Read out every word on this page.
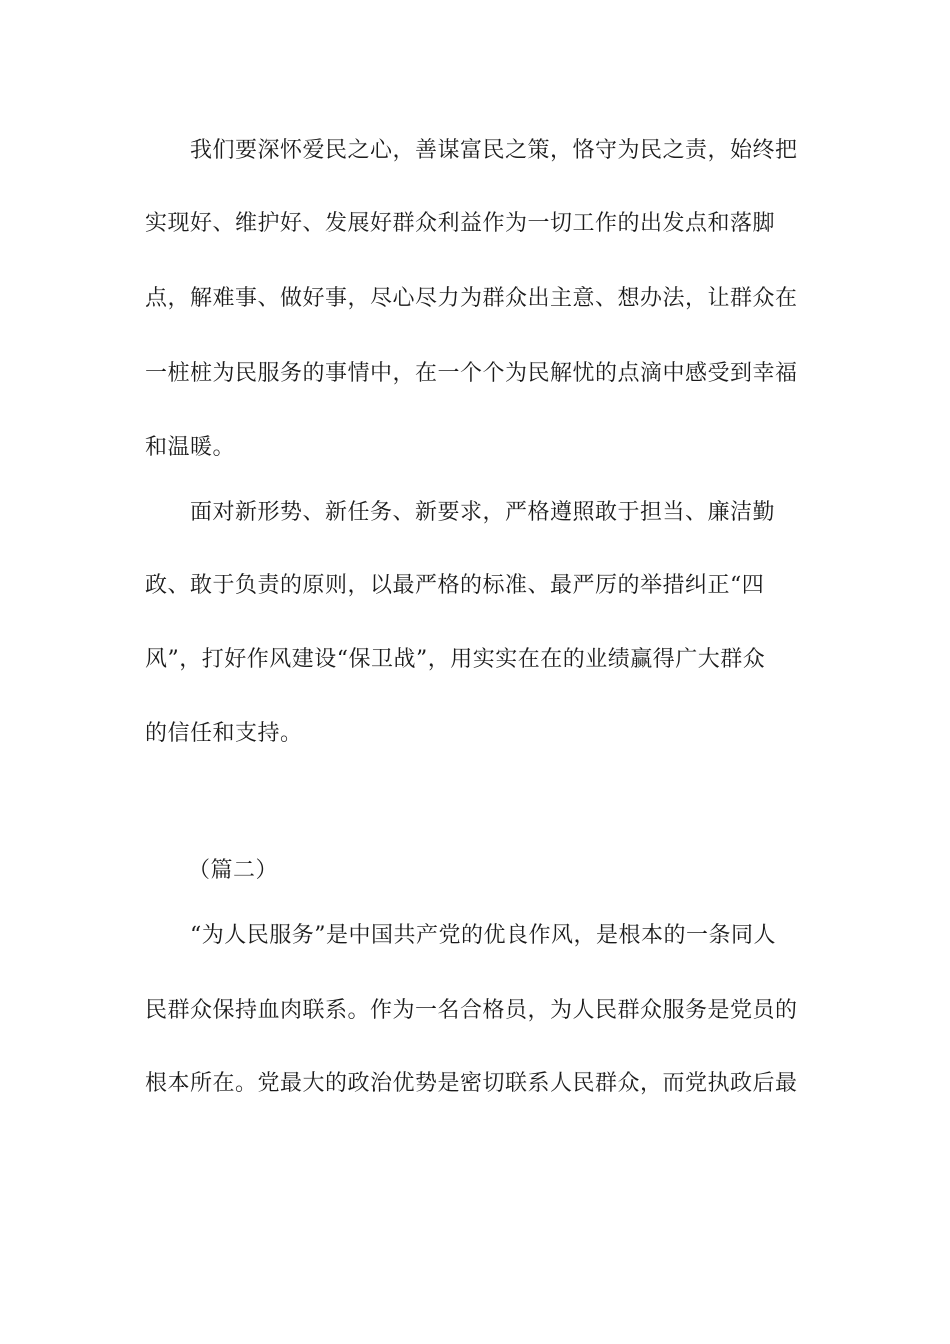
我们要深怀爱民之心，善谋富民之策，恪守为民之责，始终把
实现好、维护好、发展好群众利益作为一切工作的出发点和落脚
点，解难事、做好事，尽心尽力为群众出主意、想办法，让群众在
一桩桩为民服务的事情中，在一个个为民解忧的点滴中感受到幸福
和温暖。
面对新形势、新任务、新要求，严格遵照敢于担当、廉洁勤
政、敢于负责的原则，以最严格的标准、最严厉的举措纠正“四
风”，打好作风建设“保卫战”，用实实在在的业绩赢得广大群众
的信任和支持。
（篇二）
“为人民服务”是中国共产党的优良作风，是根本的一条同人
民群众保持血肉联系。作为一名合格员，为人民群众服务是党员的
根本所在。党最大的政治优势是密切联系人民群众，而党执政后最
